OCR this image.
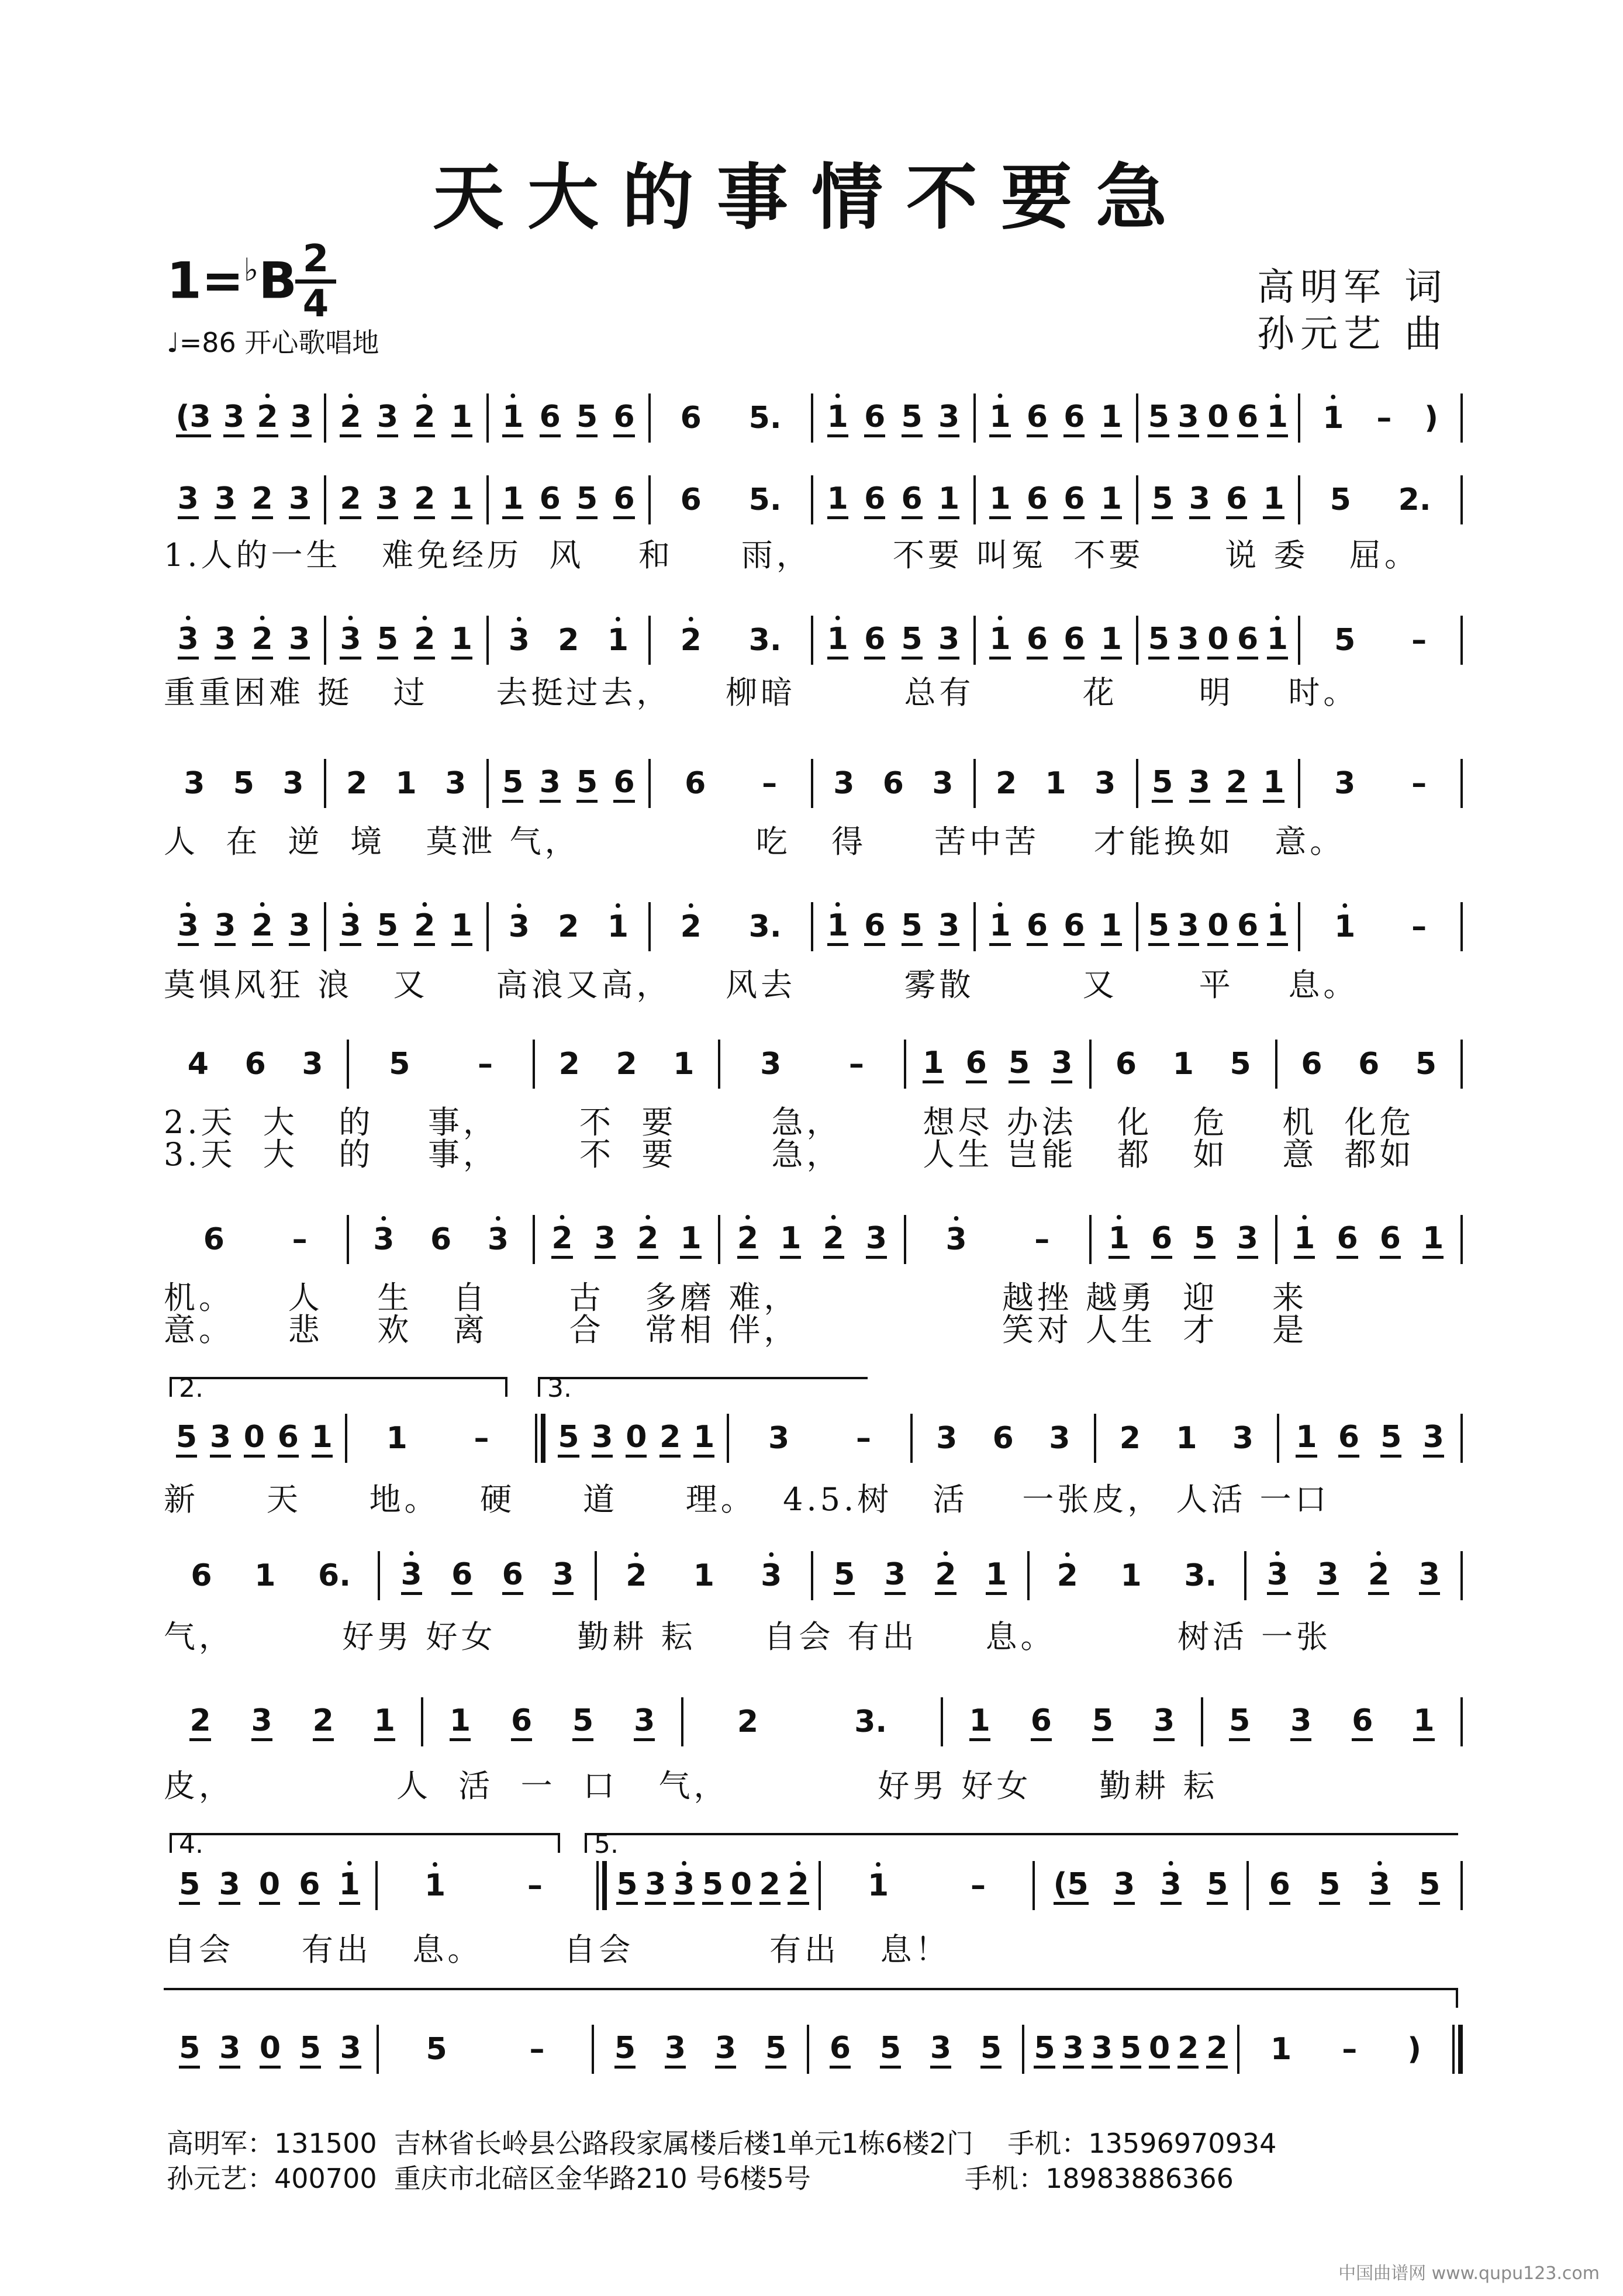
天大的事情不要急
1=♭B 2
4
♩=86 开心歌唱地
高明军 词
孙元艺 曲
(3 3 • 2 3 • 2 3 • 2 1 • 1 6 5 6 6 5. • 1 6 5 3 • 1 6 6 1 5 3 0 6 • 1 • 1 – )
3 3 2 3 2 3 2 1 1 6 5 6 6 5. 1 6 6 1 1 6 6 1 5 3 6 1 5 2.
• 3 3 • 2 3 • 3 5 • 2 1 • 3 2 • 1 • 2 3. • 1 6 5 3 • 1 6 6 1 5 3 0 6 • 1 5 –
3 5 3 2 1 3 5 3 5 6 6 – 3 6 3 2 1 3 5 3 2 1 3 –
• 3 3 • 2 3 • 3 5 • 2 1 • 3 2 • 1 • 2 3. • 1 6 5 3 • 1 6 6 1 5 3 0 6 • 1 • 1 –
4 6 3 5 – 2 2 1 3 – 1 6 5 3 6 1 5 6 6 5
6 – • 3 6 • 3 • 2 3 • 2 1 • 2 1 • 2 3 • 3 – • 1 6 5 3 • 1 6 6 1
5 3 0 6 1 1 – 5 3 0 2 1 3 – 3 6 3 2 1 3 1 6 5 3
6 1 6. • 3 6 6 3 • 2 1 • 3 5 3 • 2 1 • 2 1 3. • 3 3 • 2 3
2 3 2 1 1 6 5 3	2	3.	1 6 5 3 5 3 6 1
5 3 0 6 • 1 • 1	– 5 3 • 3 5 0 2 • 2 • 1	– (5 3 • 3 5 6 5 • 3 5
5 3 0 5 3 5	– 5 3 3 5 6 5 3 5 5 3 3 5 0 2 2 1 – )
1.人的一生   难免经历  风    和     雨，      不要 叫冤  不要      说 委   屈。
重重困难 挺   过     去挺过去，    柳暗        总有        花      明    时。
人  在  逆  境   莫泄 气，             吃   得     苦中苦    才能换如   意。
莫惧风狂 浪   又     高浪又高，    风去        雾散        又      平    息。
2.天  大   的    事，      不  要       急，      想尽 办法   化   危    机  化危
3.天  大   的    事，      不  要       急，      人生 岂能   都   如    意  都如
机。    人    生   自      古   多磨 难，               越挫 越勇  迎    来
意。    悲    欢   离      合   常相 伴，               笑对 人生  才    是
新     天     地。   硬     道     理。  4.5.树   活    一张皮， 人活 一口
气，        好男 好女      勤耕 耘     自会 有出     息。         树活 一张
皮，            人  活  一  口   气，           好男 好女     勤耕 耘
自会     有出   息。      自会          有出   息！
2.	3.
4.	5.
高明军：131500  吉林省长岭县公路段家属楼后楼1单元1栋6楼2门    手机：13596970934
孙元艺：400700  重庆市北碚区金华路210 号6楼5号                  手机：18983886366
中国曲谱网 www.qupu123.com
